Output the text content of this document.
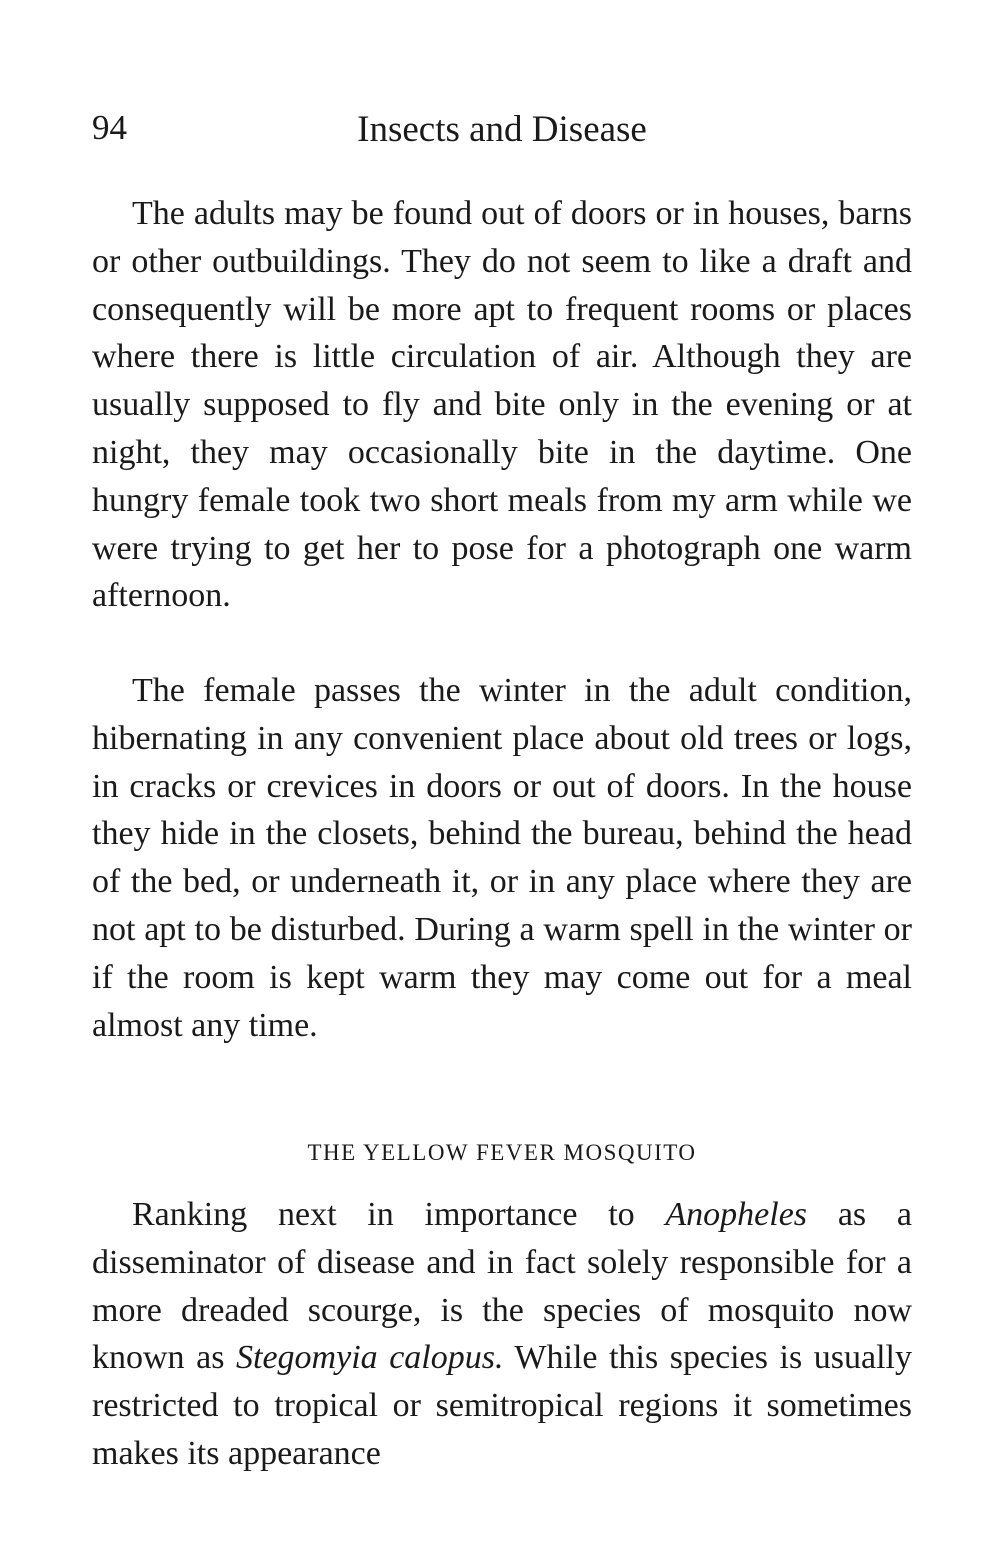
94	Insects and Disease

The adults may be found out of doors or in houses, barns or other outbuildings. They do not seem to like a draft and consequently will be more apt to frequent rooms or places where there is little circulation of air. Although they are usually supposed to fly and bite only in the evening or at night, they may occasionally bite in the daytime. One hungry female took two short meals from my arm while we were trying to get her to pose for a photograph one warm afternoon.

The female passes the winter in the adult condition, hibernating in any convenient place about old trees or logs, in cracks or crevices in doors or out of doors. In the house they hide in the closets, behind the bureau, behind the head of the bed, or underneath it, or in any place where they are not apt to be disturbed. During a warm spell in the winter or if the room is kept warm they may come out for a meal almost any time.

THE YELLOW FEVER MOSQUITO

Ranking next in importance to Anopheles as a disseminator of disease and in fact solely responsible for a more dreaded scourge, is the species of mosquito now known as Stegomyia calopus. While this species is usually restricted to tropical or semitropical regions it sometimes makes its appearance
